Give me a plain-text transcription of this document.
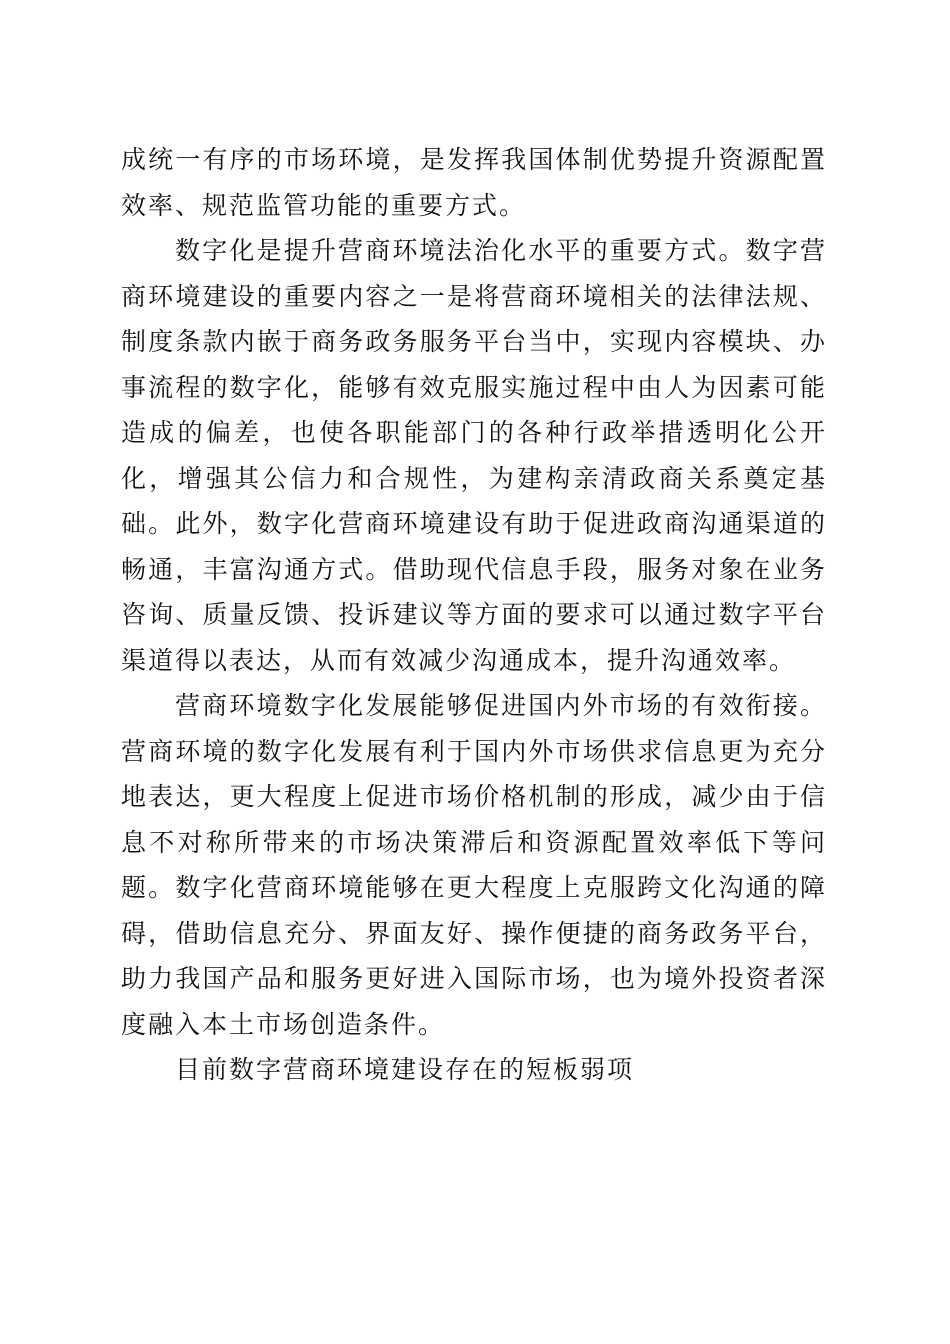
成统一有序的市场环境，是发挥我国体制优势提升资源配置效率、规范监管功能的重要方式。

数字化是提升营商环境法治化水平的重要方式。数字营商环境建设的重要内容之一是将营商环境相关的法律法规、制度条款内嵌于商务政务服务平台当中，实现内容模块、办事流程的数字化，能够有效克服实施过程中由人为因素可能造成的偏差，也使各职能部门的各种行政举措透明化公开化，增强其公信力和合规性，为建构亲清政商关系奠定基础。此外，数字化营商环境建设有助于促进政商沟通渠道的畅通，丰富沟通方式。借助现代信息手段，服务对象在业务咨询、质量反馈、投诉建议等方面的要求可以通过数字平台渠道得以表达，从而有效减少沟通成本，提升沟通效率。

营商环境数字化发展能够促进国内外市场的有效衔接。营商环境的数字化发展有利于国内外市场供求信息更为充分地表达，更大程度上促进市场价格机制的形成，减少由于信息不对称所带来的市场决策滞后和资源配置效率低下等问题。数字化营商环境能够在更大程度上克服跨文化沟通的障碍，借助信息充分、界面友好、操作便捷的商务政务平台，助力我国产品和服务更好进入国际市场，也为境外投资者深度融入本土市场创造条件。

目前数字营商环境建设存在的短板弱项
